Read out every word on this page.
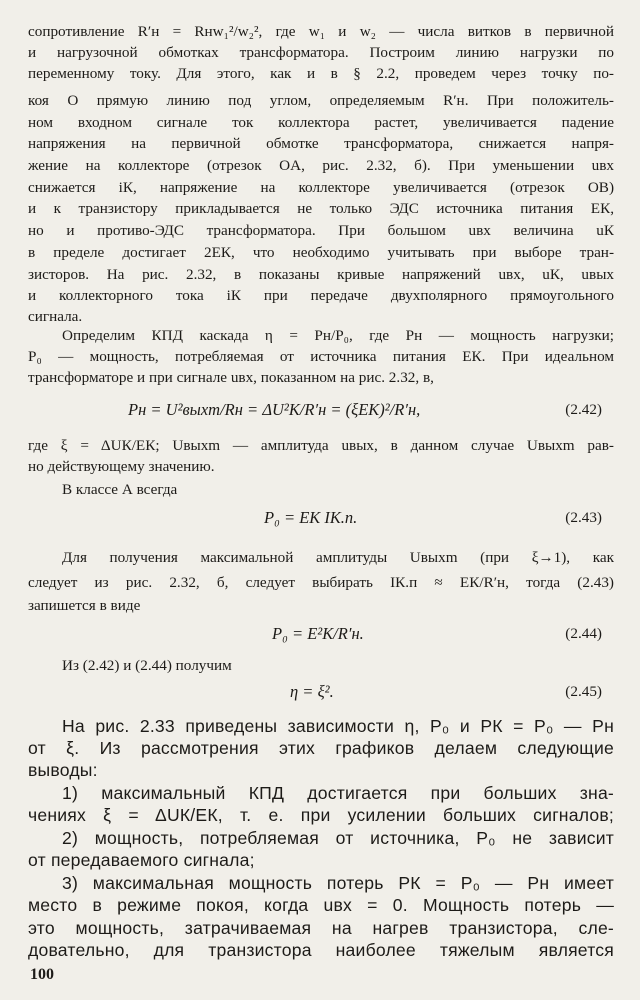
сопротивление R′н = Rнw₁²/w₂², где w₁ и w₂ — числа витков в первичной
и нагрузочной обмотках трансформатора. Построим линию нагрузки по
переменному току. Для этого, как и в § 2.2, проведем через точку по-
коя O прямую линию под углом, определяемым R′н. При положитель-
ном входном сигнале ток коллектора растет, увеличивается падение
напряжения на первичной обмотке трансформатора, снижается напря-
жение на коллекторе (отрезок OA, рис. 2.32, б). При уменьшении uвх
снижается iК, напряжение на коллекторе увеличивается (отрезок OB)
и к транзистору прикладывается не только ЭДС источника питания EК,
но и противо-ЭДС трансформатора. При большом uвх величина uК
в пределе достигает 2EК, что необходимо учитывать при выборе тран-
зисторов. На рис. 2.32, в показаны кривые напряжений uвх, uК, uвых
и коллекторного тока iК при передаче двухполярного прямоугольного
сигнала.
Определим КПД каскада η = Pн/P₀, где Pн — мощность нагрузки;
P₀ — мощность, потребляемая от источника питания EК. При идеальном
трансформаторе и при сигнале uвх, показанном на рис. 2.32, в,
Pн = U²выхm/Rн = ΔU²К/R′н = (ξEК)²/R′н,	(2.42)
где ξ = ΔUК/EК; Uвыхm — амплитуда uвых, в данном случае Uвыхm рав-
но действующему значению.
В классе А всегда
P₀ = EК IК.п.	(2.43)
Для получения максимальной амплитуды Uвыхm (при ξ→1), как
следует из рис. 2.32, б, следует выбирать IК.п ≈ EК/R′н, тогда (2.43)
запишется в виде
P₀ = E²К/R′н.	(2.44)
Из (2.42) и (2.44) получим
η = ξ².	(2.45)
На рис. 2.33 приведены зависимости η, P₀ и PК = P₀ — Pн
от ξ. Из рассмотрения этих графиков делаем следующие
выводы:
1) максимальный КПД достигается при больших зна-
чениях ξ = ΔUК/EК, т. е. при усилении больших сигналов;
2) мощность, потребляемая от источника, P₀ не зависит
от передаваемого сигнала;
3) максимальная мощность потерь PК = P₀ — Pн имеет
место в режиме покоя, когда uвх = 0. Мощность потерь —
это мощность, затрачиваемая на нагрев транзистора, сле-
довательно, для транзистора наиболее тяжелым является
100
